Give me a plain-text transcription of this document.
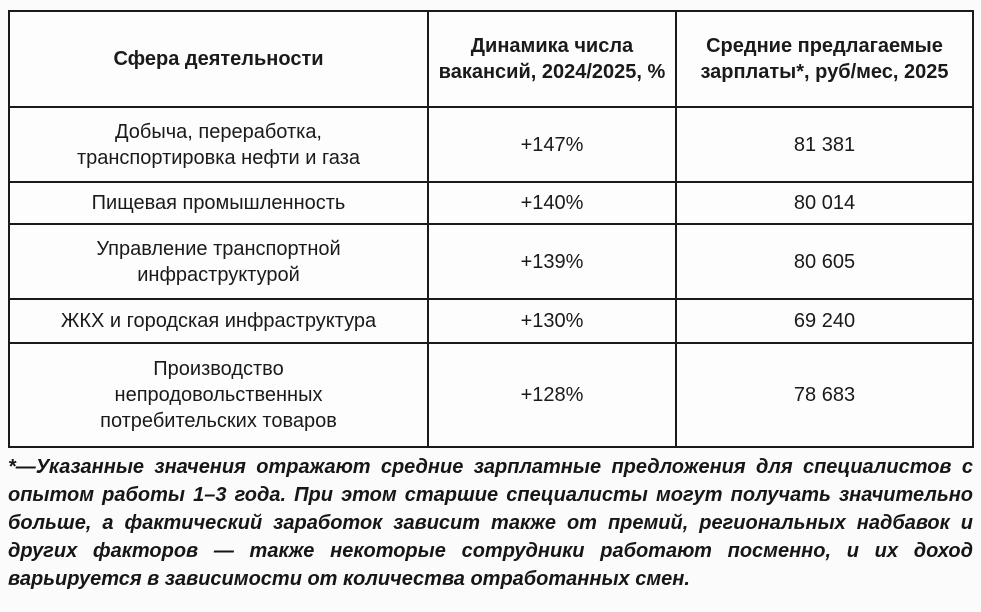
Сфера деятельности	Динамика числа вакансий, 2024/2025, %	Средние предлагаемые зарплаты*, руб/мес, 2025

Добыча, переработка, транспортировка нефти и газа	+147%	81 381

Пищевая промышленность	+140%	80 014

Управление транспортной инфраструктурой	+139%	80 605

ЖКХ и городская инфраструктура	+130%	69 240

Производство непродовольственных потребительских товаров	+128%	78 683
*—Указанные значения отражают средние зарплатные предложения для специалистов с опытом работы 1–3 года. При этом старшие специалисты могут получать значительно больше, а фактический заработок зависит также от премий, региональных надбавок и других факторов — также некоторые сотрудники работают посменно, и их доход варьируется в зависимости от количества отработанных смен.
